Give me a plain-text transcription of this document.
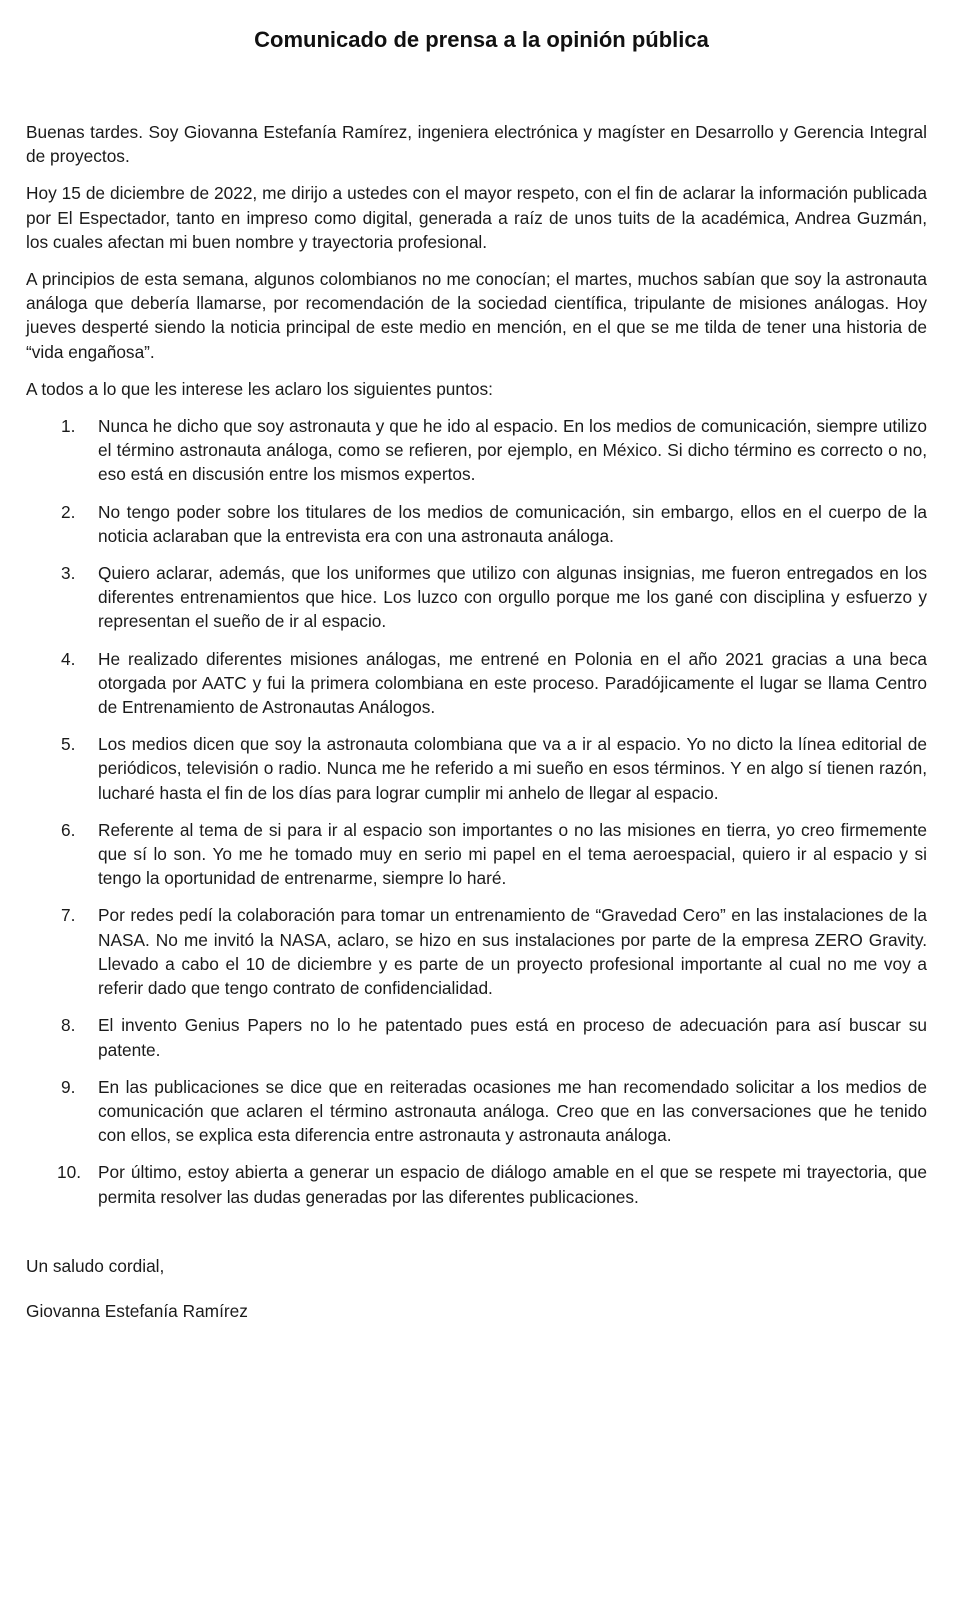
Comunicado de prensa a la opinión pública

Buenas tardes. Soy Giovanna Estefanía Ramírez, ingeniera electrónica y magíster en Desarrollo y Gerencia Integral de proyectos.

Hoy 15 de diciembre de 2022, me dirijo a ustedes con el mayor respeto, con el fin de aclarar la información publicada por El Espectador, tanto en impreso como digital, generada a raíz de unos tuits de la académica, Andrea Guzmán, los cuales afectan mi buen nombre y trayectoria profesional.

A principios de esta semana, algunos colombianos no me conocían; el martes, muchos sabían que soy la astronauta análoga que debería llamarse, por recomendación de la sociedad científica, tripulante de misiones análogas. Hoy jueves desperté siendo la noticia principal de este medio en mención, en el que se me tilda de tener una historia de “vida engañosa”.

A todos a lo que les interese les aclaro los siguientes puntos:

1.	Nunca he dicho que soy astronauta y que he ido al espacio. En los medios de comunicación, siempre utilizo el término astronauta análoga, como se refieren, por ejemplo, en México. Si dicho término es correcto o no, eso está en discusión entre los mismos expertos.
2.	No tengo poder sobre los titulares de los medios de comunicación, sin embargo, ellos en el cuerpo de la noticia aclaraban que la entrevista era con una astronauta análoga.
3.	Quiero aclarar, además, que los uniformes que utilizo con algunas insignias, me fueron entregados en los diferentes entrenamientos que hice. Los luzco con orgullo porque me los gané con disciplina y esfuerzo y representan el sueño de ir al espacio.
4.	He realizado diferentes misiones análogas, me entrené en Polonia en el año 2021 gracias a una beca otorgada por AATC y fui la primera colombiana en este proceso. Paradójicamente el lugar se llama Centro de Entrenamiento de Astronautas Análogos.
5.	Los medios dicen que soy la astronauta colombiana que va a ir al espacio. Yo no dicto la línea editorial de periódicos, televisión o radio. Nunca me he referido a mi sueño en esos términos. Y en algo sí tienen razón, lucharé hasta el fin de los días para lograr cumplir mi anhelo de llegar al espacio.
6.	Referente al tema de si para ir al espacio son importantes o no las misiones en tierra, yo creo firmemente que sí lo son. Yo me he tomado muy en serio mi papel en el tema aeroespacial, quiero ir al espacio y si tengo la oportunidad de entrenarme, siempre lo haré.
7.	Por redes pedí la colaboración para tomar un entrenamiento de “Gravedad Cero” en las instalaciones de la NASA. No me invitó la NASA, aclaro, se hizo en sus instalaciones por parte de la empresa ZERO Gravity. Llevado a cabo el 10 de diciembre y es parte de un proyecto profesional importante al cual no me voy a referir dado que tengo contrato de confidencialidad.
8.	El invento Genius Papers no lo he patentado pues está en proceso de adecuación para así buscar su patente.
9.	En las publicaciones se dice que en reiteradas ocasiones me han recomendado solicitar a los medios de comunicación que aclaren el término astronauta análoga. Creo que en las conversaciones que he tenido con ellos, se explica esta diferencia entre astronauta y astronauta análoga.
10. Por último, estoy abierta a generar un espacio de diálogo amable en el que se respete mi trayectoria, que permita resolver las dudas generadas por las diferentes publicaciones.

Un saludo cordial,

Giovanna Estefanía Ramírez
